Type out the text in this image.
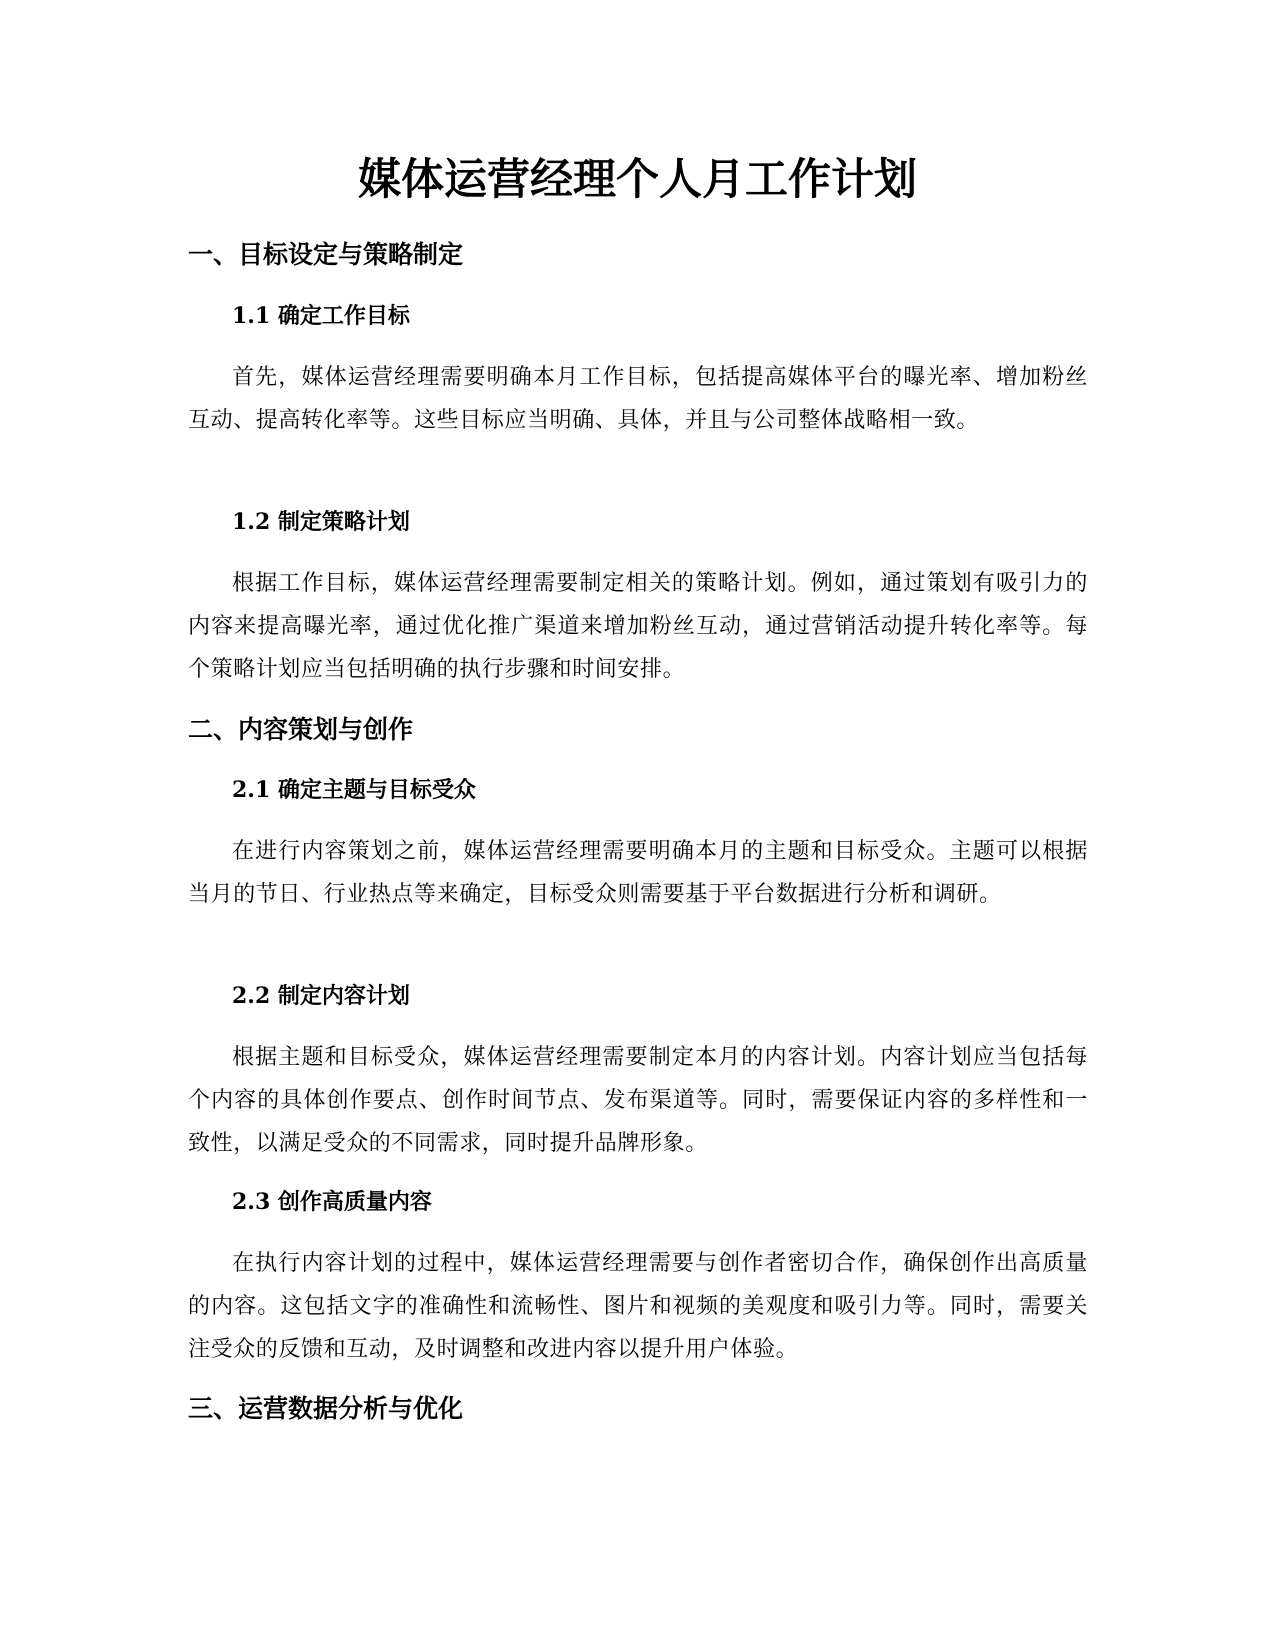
媒体运营经理个人月工作计划
一、目标设定与策略制定
1.1 确定工作目标

首先，媒体运营经理需要明确本月工作目标，包括提高媒体平台的曝光率、增加粉丝互动、提高转化率等。这些目标应当明确、具体，并且与公司整体战略相一致。

1.2 制定策略计划

根据工作目标，媒体运营经理需要制定相关的策略计划。例如，通过策划有吸引力的内容来提高曝光率，通过优化推广渠道来增加粉丝互动，通过营销活动提升转化率等。每个策略计划应当包括明确的执行步骤和时间安排。

二、内容策划与创作
2.1 确定主题与目标受众

在进行内容策划之前，媒体运营经理需要明确本月的主题和目标受众。主题可以根据当月的节日、行业热点等来确定，目标受众则需要基于平台数据进行分析和调研。

2.2 制定内容计划

根据主题和目标受众，媒体运营经理需要制定本月的内容计划。内容计划应当包括每个内容的具体创作要点、创作时间节点、发布渠道等。同时，需要保证内容的多样性和一致性，以满足受众的不同需求，同时提升品牌形象。

2.3 创作高质量内容

在执行内容计划的过程中，媒体运营经理需要与创作者密切合作，确保创作出高质量的内容。这包括文字的准确性和流畅性、图片和视频的美观度和吸引力等。同时，需要关注受众的反馈和互动，及时调整和改进内容以提升用户体验。

三、运营数据分析与优化
